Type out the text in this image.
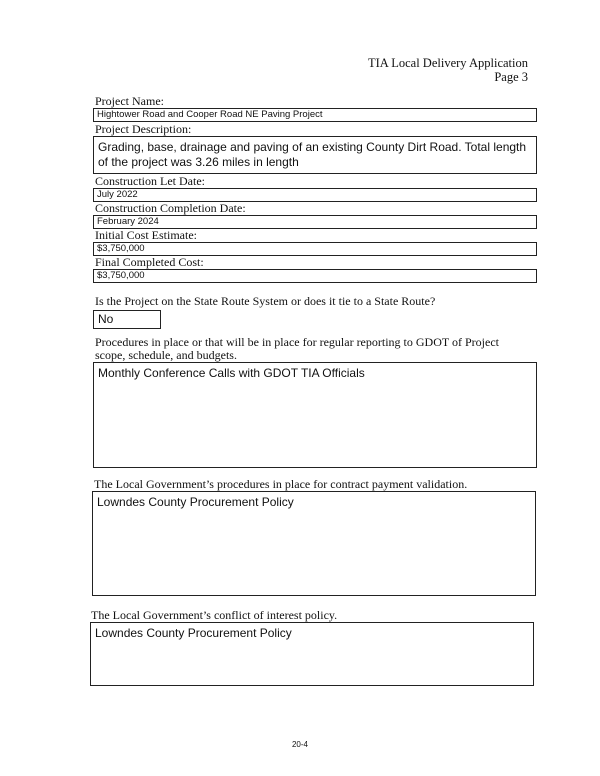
TIA Local Delivery Application
Page 3
Project Name:
Hightower Road and Cooper Road NE Paving Project
Project Description:
Grading, base, drainage and paving of an existing County Dirt Road. Total length of the project was 3.26 miles in length
Construction Let Date:
July 2022
Construction Completion Date:
February 2024
Initial Cost Estimate:
$3,750,000
Final Completed Cost:
$3,750,000
Is the Project on the State Route System or does it tie to a State Route?
No
Procedures in place or that will be in place for regular reporting to GDOT of Project
scope, schedule, and budgets.
Monthly Conference Calls with GDOT TIA Officials
The Local Government’s procedures in place for contract payment validation.
Lowndes County Procurement Policy
The Local Government’s conflict of interest policy.
Lowndes County Procurement Policy
20-4
